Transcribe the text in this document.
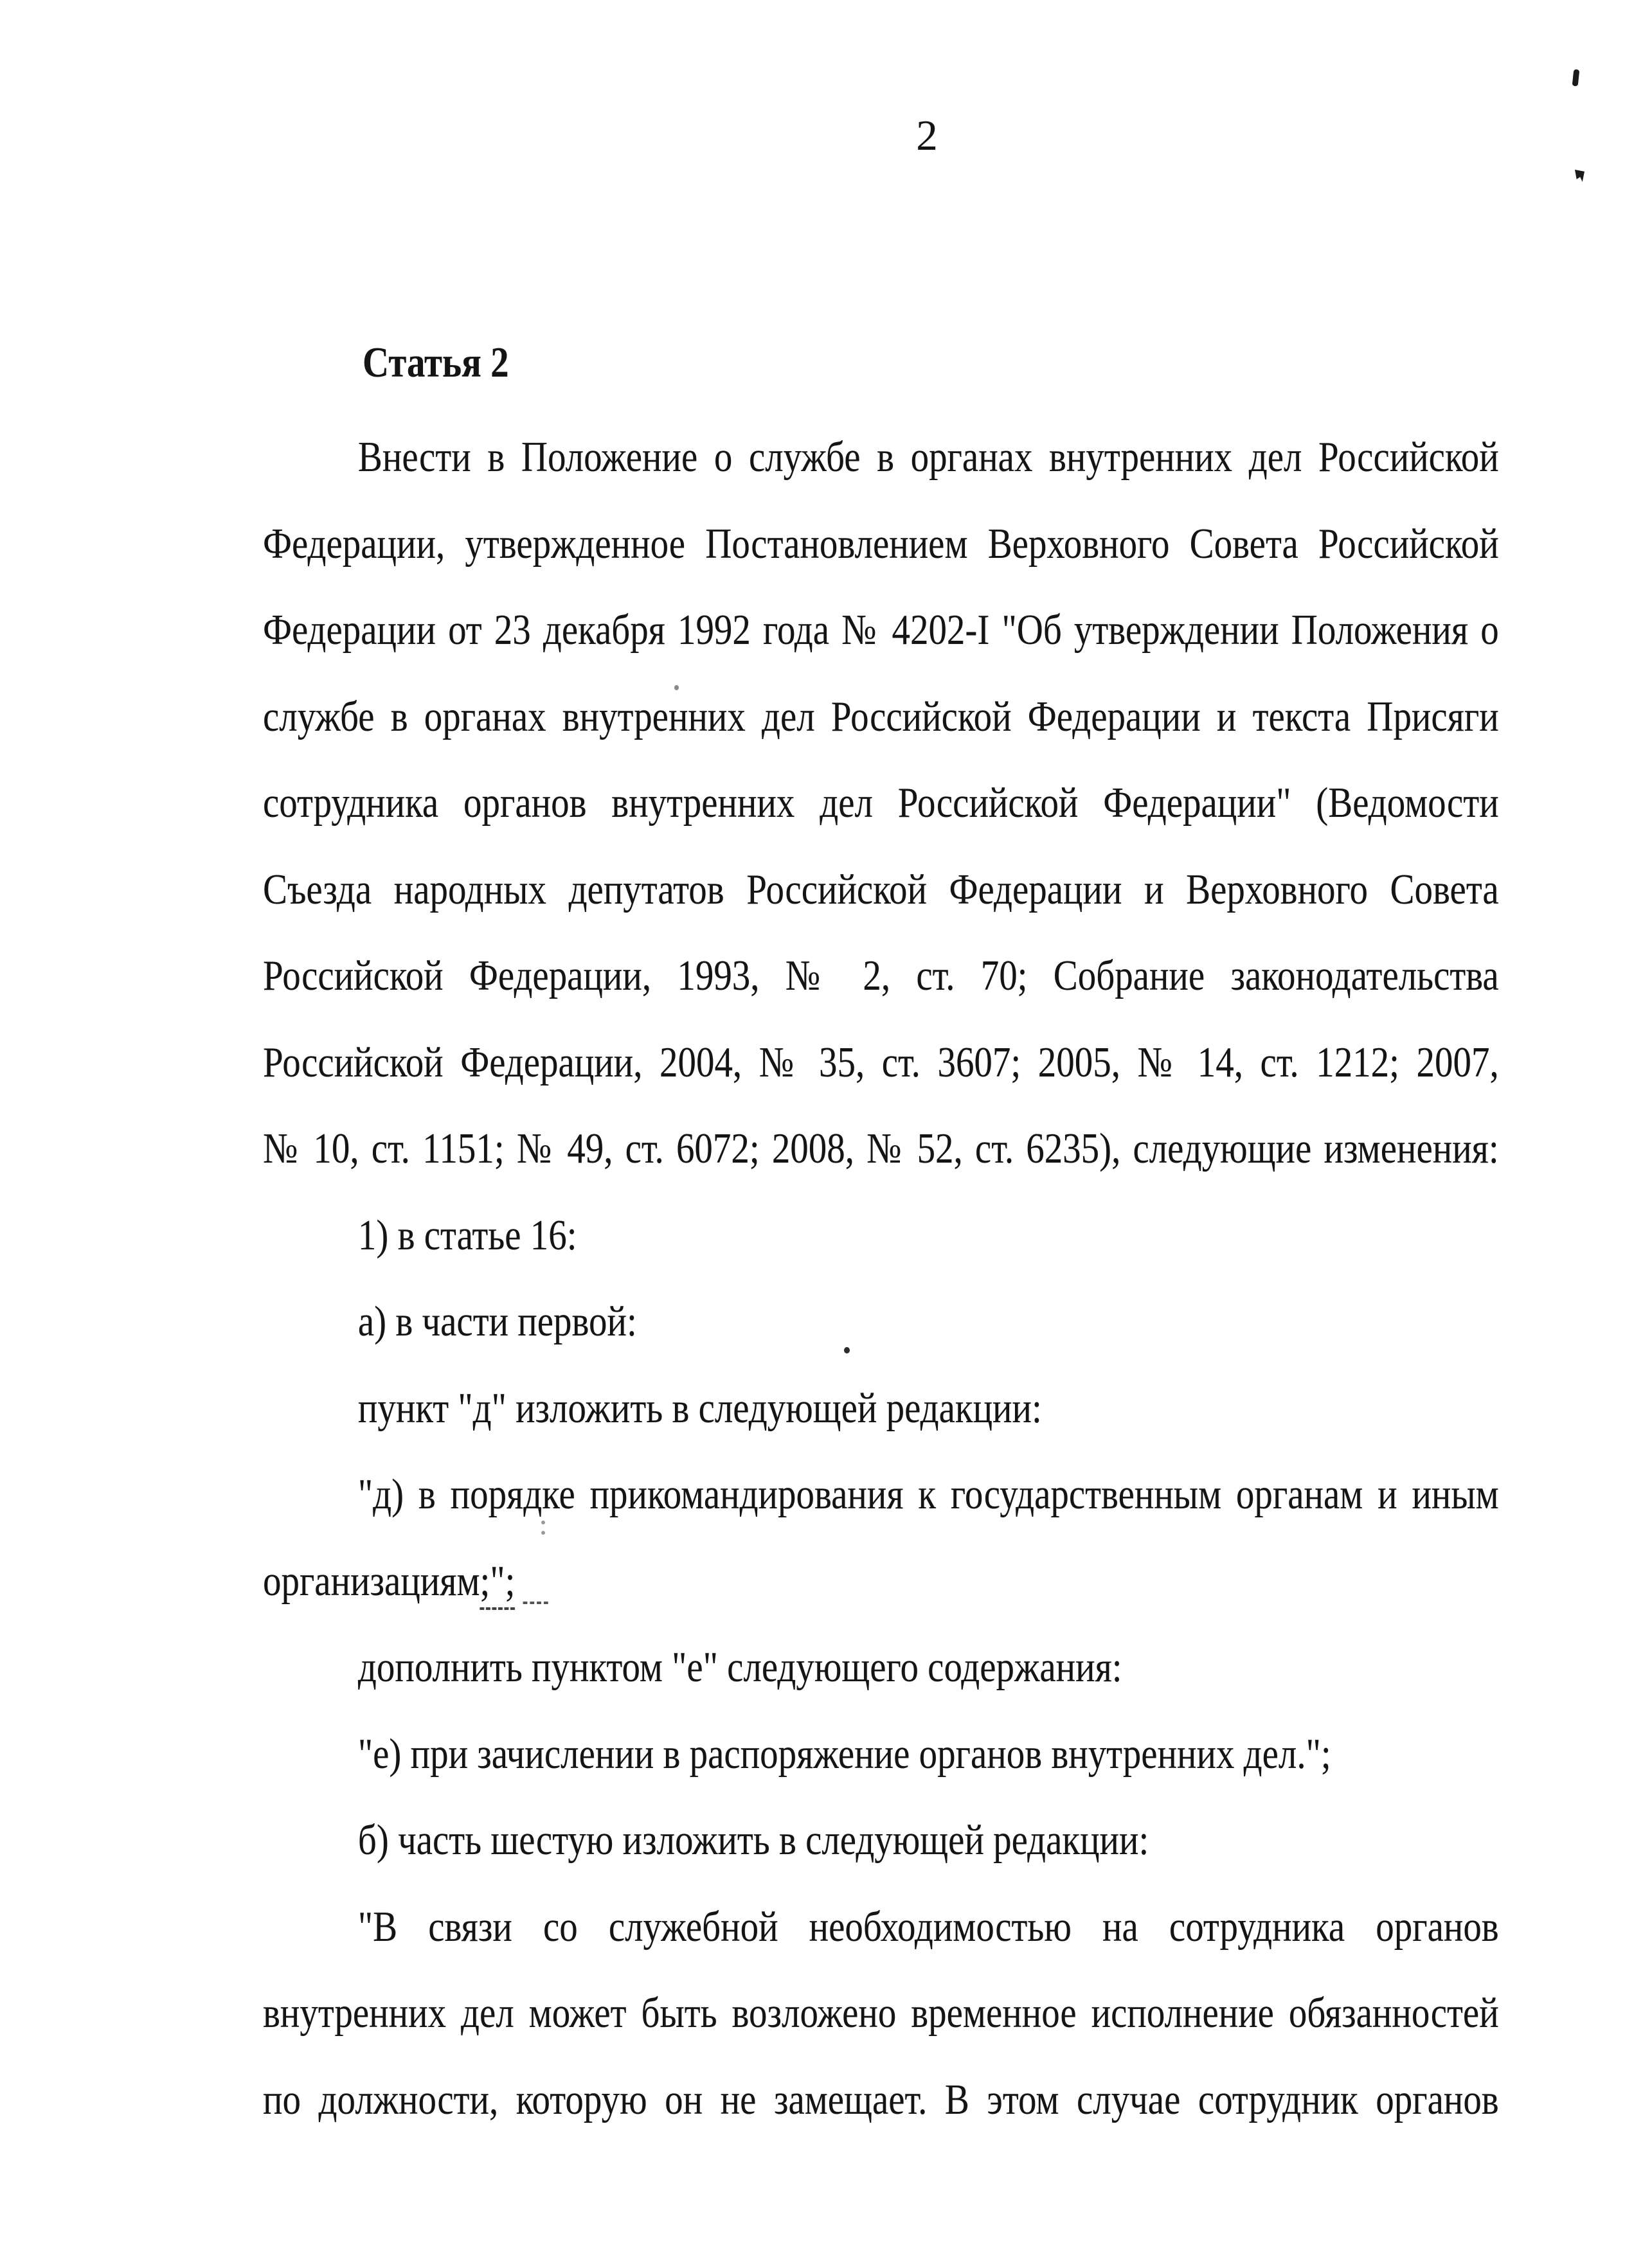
2
Статья 2
Внести в Положение о службе в органах внутренних дел Российской
Федерации, утвержденное Постановлением Верховного Совета Российской
Федерации от 23 декабря 1992 года № 4202-I "Об утверждении Положения о
службе в органах внутренних дел Российской Федерации и текста Присяги
сотрудника органов внутренних дел Российской Федерации" (Ведомости
Съезда народных депутатов Российской Федерации и Верховного Совета
Российской Федерации, 1993, № 2, ст. 70; Собрание законодательства
Российской Федерации, 2004, № 35, ст. 3607; 2005, № 14, ст. 1212; 2007,
№ 10, ст. 1151; № 49, ст. 6072; 2008, № 52, ст. 6235), следующие изменения:
1) в статье 16:
а) в части первой:
пункт "д" изложить в следующей редакции:
"д) в порядке прикомандирования к государственным органам и иным
организациям;";
дополнить пунктом "е" следующего содержания:
"е) при зачислении в распоряжение органов внутренних дел.";
б) часть шестую изложить в следующей редакции:
"В связи со служебной необходимостью на сотрудника органов
внутренних дел может быть возложено временное исполнение обязанностей
по должности, которую он не замещает. В этом случае сотрудник органов
